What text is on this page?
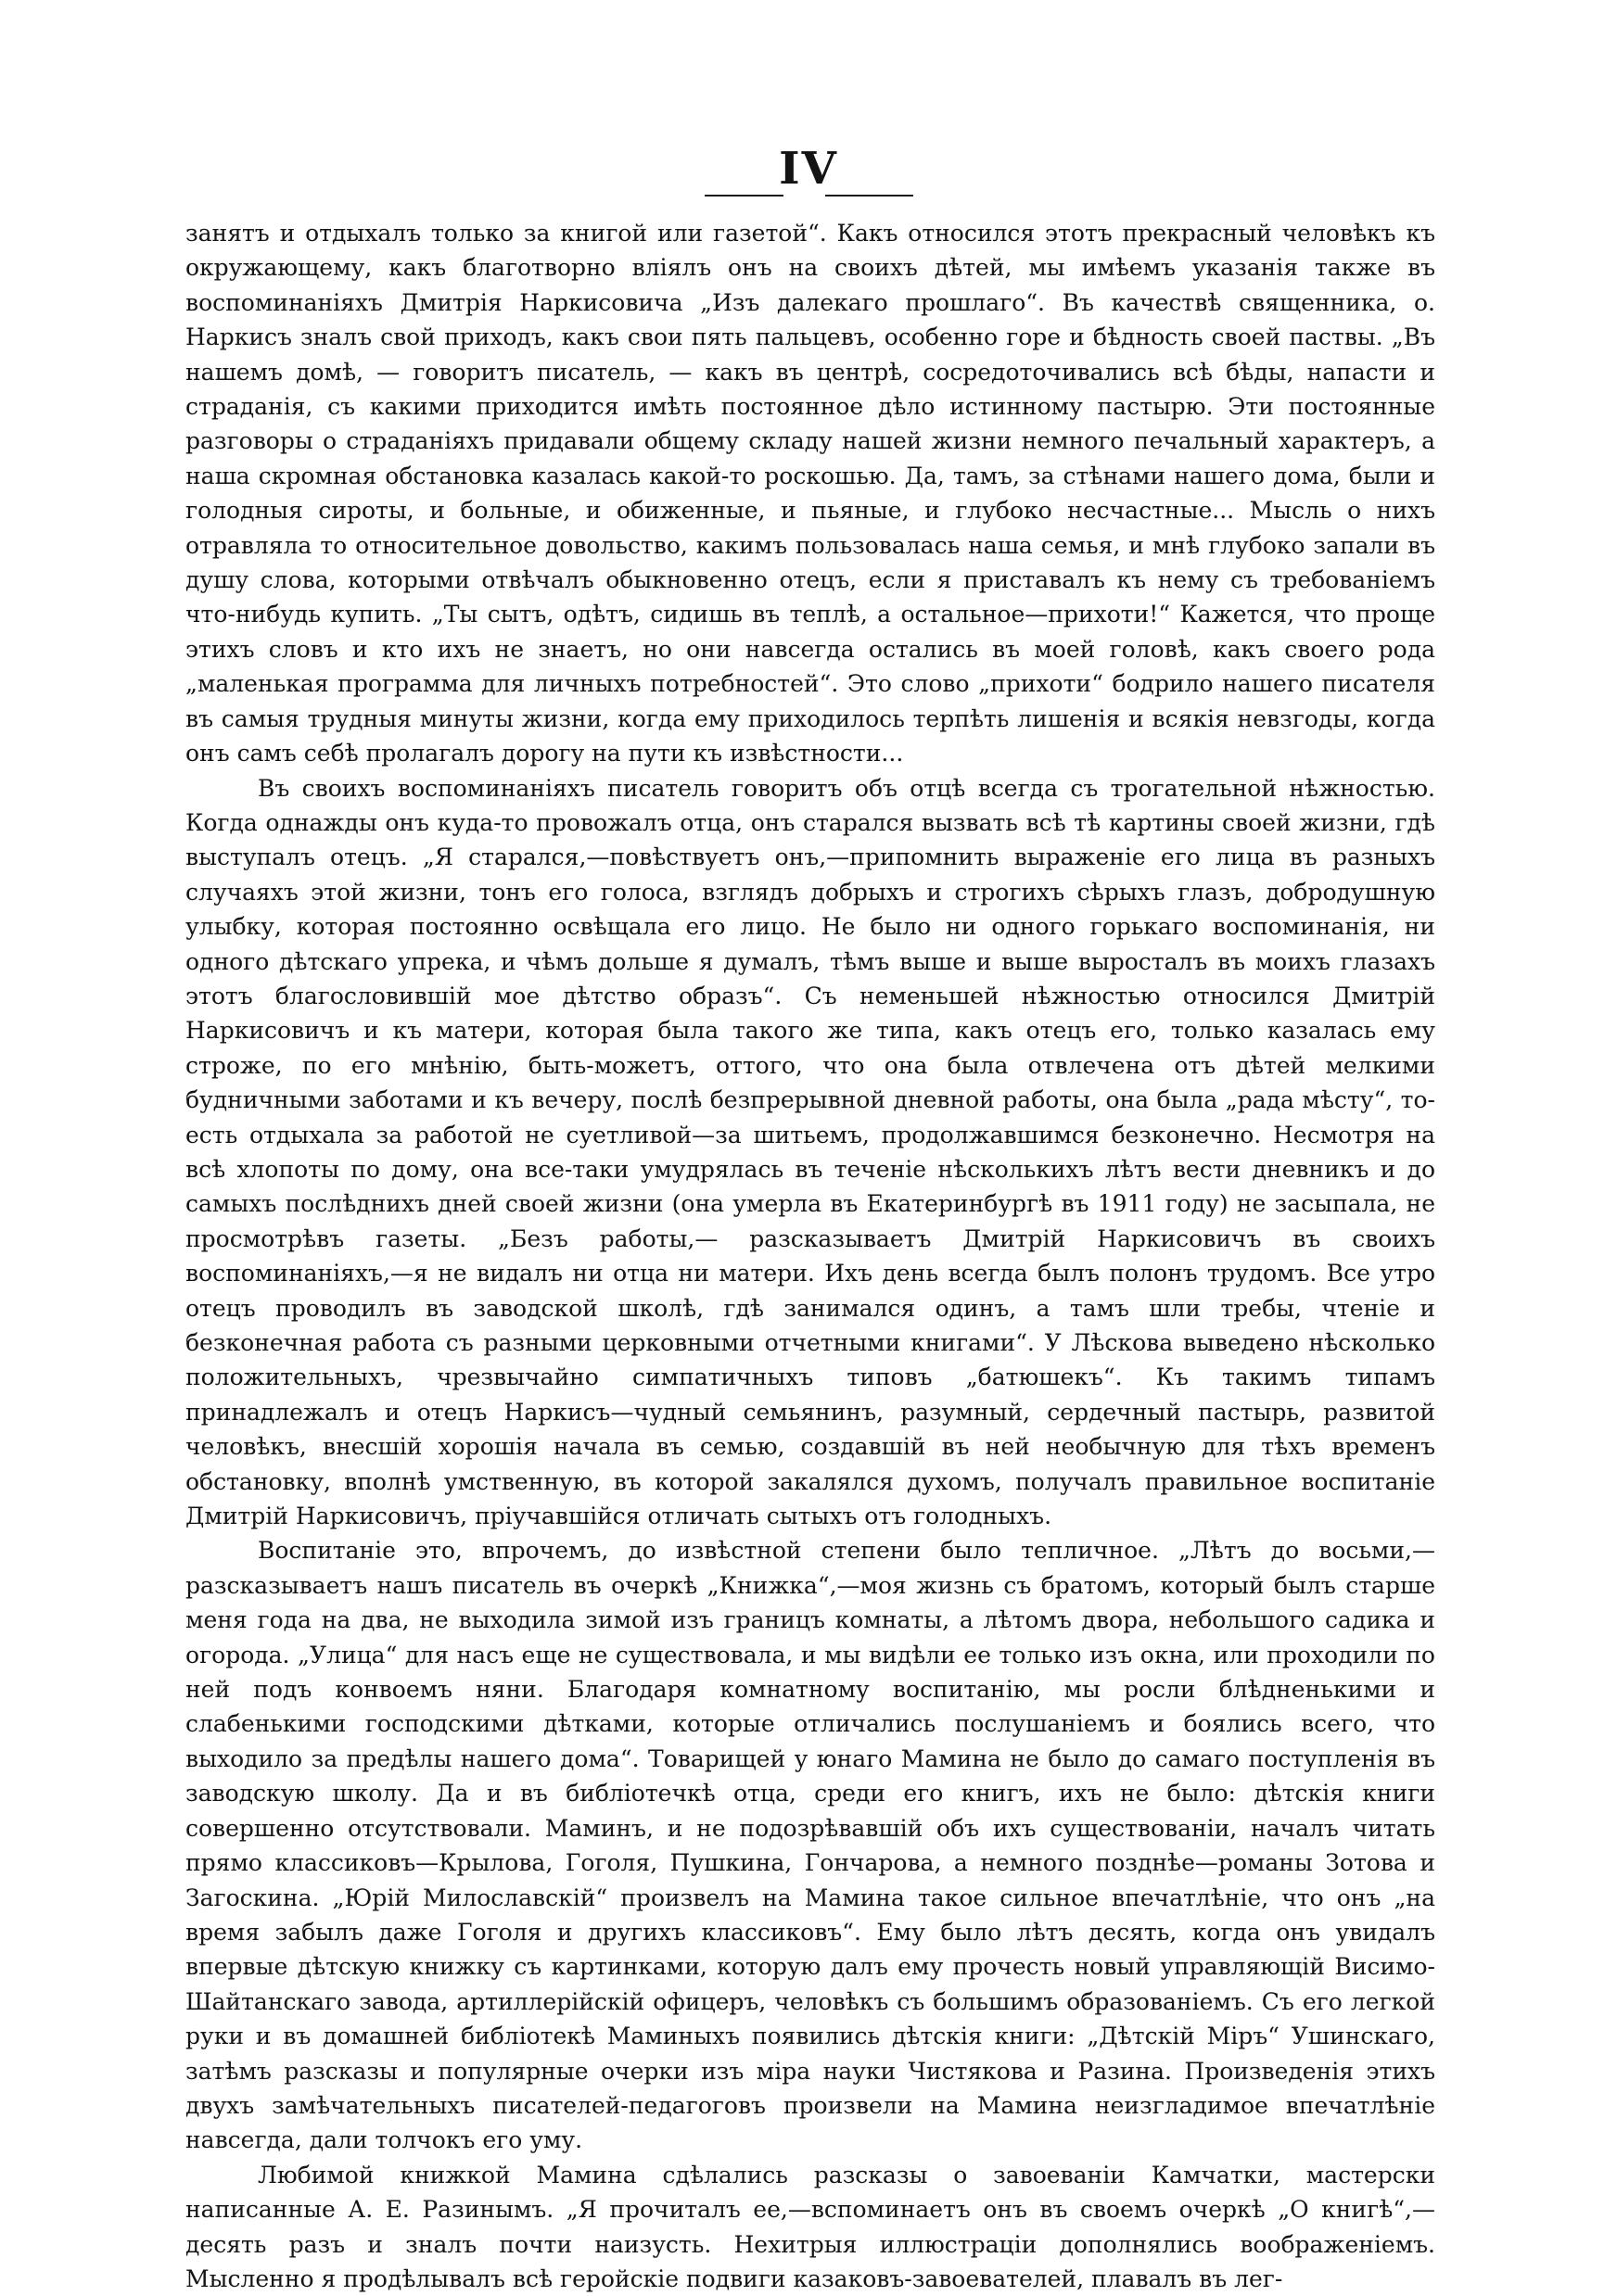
IV

занятъ и отдыхалъ только за книгой или газетой“. Какъ относился этотъ прекрасный человѣкъ къ окружающему, какъ благотворно вліялъ онъ на своихъ дѣтей, мы имѣемъ указанія также въ воспоминаніяхъ Дмитрія Наркисовича „Изъ далекаго прошлаго“. Въ качествѣ священника, о. Наркисъ зналъ свой приходъ, какъ свои пять пальцевъ, особенно горе и бѣдность своей паствы. „Въ нашемъ домѣ, — говоритъ писатель, — какъ въ центрѣ, сосредоточивались всѣ бѣды, напасти и страданія, съ какими приходится имѣть постоянное дѣло истинному пастырю. Эти постоянные разговоры о страданіяхъ придавали общему складу нашей жизни немного печальный характеръ, а наша скромная обстановка казалась какой-то роскошью. Да, тамъ, за стѣнами нашего дома, были и голодныя сироты, и больные, и обиженные, и пьяные, и глубоко несчастные... Мысль о нихъ отравляла то относительное довольство, какимъ пользовалась наша семья, и мнѣ глубоко запали въ душу слова, которыми отвѣчалъ обыкновенно отецъ, если я приставалъ къ нему съ требованіемъ что-нибудь купить. „Ты сытъ, одѣтъ, сидишь въ теплѣ, а остальное—прихоти!“ Кажется, что проще этихъ словъ и кто ихъ не знаетъ, но они навсегда остались въ моей головѣ, какъ своего рода „маленькая программа для личныхъ потребностей“. Это слово „прихоти“ бодрило нашего писателя въ самыя трудныя минуты жизни, когда ему приходилось терпѣть лишенія и всякія невзгоды, когда онъ самъ себѣ пролагалъ дорогу на пути къ извѣстности...

Въ своихъ воспоминаніяхъ писатель говоритъ объ отцѣ всегда съ трогательной нѣжностью. Когда однажды онъ куда-то провожалъ отца, онъ старался вызвать всѣ тѣ картины своей жизни, гдѣ выступалъ отецъ. „Я старался,—повѣствуетъ онъ,—припомнить выраженіе его лица въ разныхъ случаяхъ этой жизни, тонъ его голоса, взглядъ добрыхъ и строгихъ сѣрыхъ глазъ, добродушную улыбку, которая постоянно освѣщала его лицо. Не было ни одного горькаго воспоминанія, ни одного дѣтскаго упрека, и чѣмъ дольше я думалъ, тѣмъ выше и выше выросталъ въ моихъ глазахъ этотъ благословившій мое дѣтство образъ“. Съ неменьшей нѣжностью относился Дмитрій Наркисовичъ и къ матери, которая была такого же типа, какъ отецъ его, только казалась ему строже, по его мнѣнію, быть-можетъ, оттого, что она была отвлечена отъ дѣтей мелкими будничными заботами и къ вечеру, послѣ безпрерывной дневной работы, она была „рада мѣсту“, то-есть отдыхала за работой не суетливой—за шитьемъ, продолжавшимся безконечно. Несмотря на всѣ хлопоты по дому, она все-таки умудрялась въ теченіе нѣсколькихъ лѣтъ вести дневникъ и до самыхъ послѣднихъ дней своей жизни (она умерла въ Екатеринбургѣ въ 1911 году) не засыпала, не просмотрѣвъ газеты. „Безъ работы,— разсказываетъ Дмитрій Наркисовичъ въ своихъ воспоминаніяхъ,—я не видалъ ни отца ни матери. Ихъ день всегда былъ полонъ трудомъ. Все утро отецъ проводилъ въ заводской школѣ, гдѣ занимался одинъ, а тамъ шли требы, чтеніе и безконечная работа съ разными церковными отчетными книгами“. У Лѣскова выведено нѣсколько положительныхъ, чрезвычайно симпатичныхъ типовъ „батюшекъ“. Къ такимъ типамъ принадлежалъ и отецъ Наркисъ—чудный семьянинъ, разумный, сердечный пастырь, развитой человѣкъ, внесшій хорошія начала въ семью, создавшій въ ней необычную для тѣхъ временъ обстановку, вполнѣ умственную, въ которой закалялся духомъ, получалъ правильное воспитаніе Дмитрій Наркисовичъ, пріучавшійся отличать сытыхъ отъ голодныхъ.

Воспитаніе это, впрочемъ, до извѣстной степени было тепличное. „Лѣтъ до восьми,—разсказываетъ нашъ писатель въ очеркѣ „Книжка“,—моя жизнь съ братомъ, который былъ старше меня года на два, не выходила зимой изъ границъ комнаты, а лѣтомъ двора, небольшого садика и огорода. „Улица“ для насъ еще не существовала, и мы видѣли ее только изъ окна, или проходили по ней подъ конвоемъ няни. Благодаря комнатному воспитанію, мы росли блѣдненькими и слабенькими господскими дѣтками, которые отличались послушаніемъ и боялись всего, что выходило за предѣлы нашего дома“. Товарищей у юнаго Мамина не было до самаго поступленія въ заводскую школу. Да и въ библіотечкѣ отца, среди его книгъ, ихъ не было: дѣтскія книги совершенно отсутствовали. Маминъ, и не подозрѣвавшій объ ихъ существованіи, началъ читать прямо классиковъ—Крылова, Гоголя, Пушкина, Гончарова, а немного позднѣе—романы Зотова и Загоскина. „Юрій Милославскій“ произвелъ на Мамина такое сильное впечатлѣніе, что онъ „на время забылъ даже Гоголя и другихъ классиковъ“. Ему было лѣтъ десять, когда онъ увидалъ впервые дѣтскую книжку съ картинками, которую далъ ему прочесть новый управляющій Висимо-Шайтанскаго завода, артиллерійскій офицеръ, человѣкъ съ большимъ образованіемъ. Съ его легкой руки и въ домашней библіотекѣ Маминыхъ появились дѣтскія книги: „Дѣтскій Міръ“ Ушинскаго, затѣмъ разсказы и популярные очерки изъ міра науки Чистякова и Разина. Произведенія этихъ двухъ замѣчательныхъ писателей-педагоговъ произвели на Мамина неизгладимое впечатлѣніе навсегда, дали толчокъ его уму.

Любимой книжкой Мамина сдѣлались разсказы о завоеваніи Камчатки, мастерски написанные А. Е. Разинымъ. „Я прочиталъ ее,—вспоминаетъ онъ въ своемъ очеркѣ „О книгѣ“,— десять разъ и зналъ почти наизусть. Нехитрыя иллюстраціи дополнялись воображеніемъ. Мысленно я продѣлывалъ всѣ геройскіе подвиги казаковъ-завоевателей, плавалъ въ лег-
